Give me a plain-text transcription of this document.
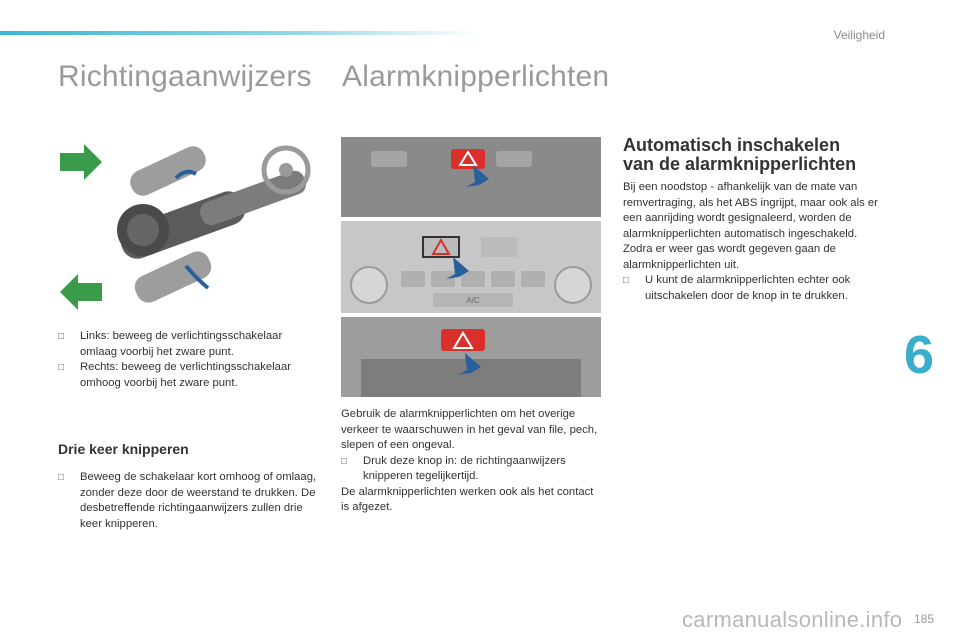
Veiligheid
Richtingaanwijzers Alarmknipperlichten
A/C
□	Links: beweeg de verlichtingsschakelaar omlaag voorbij het zware punt.
□	Rechts: beweeg de verlichtingsschakelaar omhoog voorbij het zware punt.
Drie keer knipperen
□	Beweeg de schakelaar kort omhoog of omlaag, zonder deze door de weerstand te drukken. De desbetreffende richtingaanwijzers zullen drie keer knipperen.
Gebruik de alarmknipperlichten om het overige verkeer te waarschuwen in het geval van file, pech, slepen of een ongeval.
□	Druk deze knop in: de richtingaanwijzers knipperen tegelijkertijd.
De alarmknipperlichten werken ook als het contact is afgezet.
Automatisch inschakelen
van de alarmknipperlichten
Bij een noodstop - afhankelijk van de mate van remvertraging, als het ABS ingrijpt, maar ook als er een aanrijding wordt gesignaleerd, worden de alarmknipperlichten automatisch ingeschakeld.
Zodra er weer gas wordt gegeven gaan de alarmknipperlichten uit.
□	U kunt de alarmknipperlichten echter ook uitschakelen door de knop in te drukken.
6
carmanualsonline.info 185
